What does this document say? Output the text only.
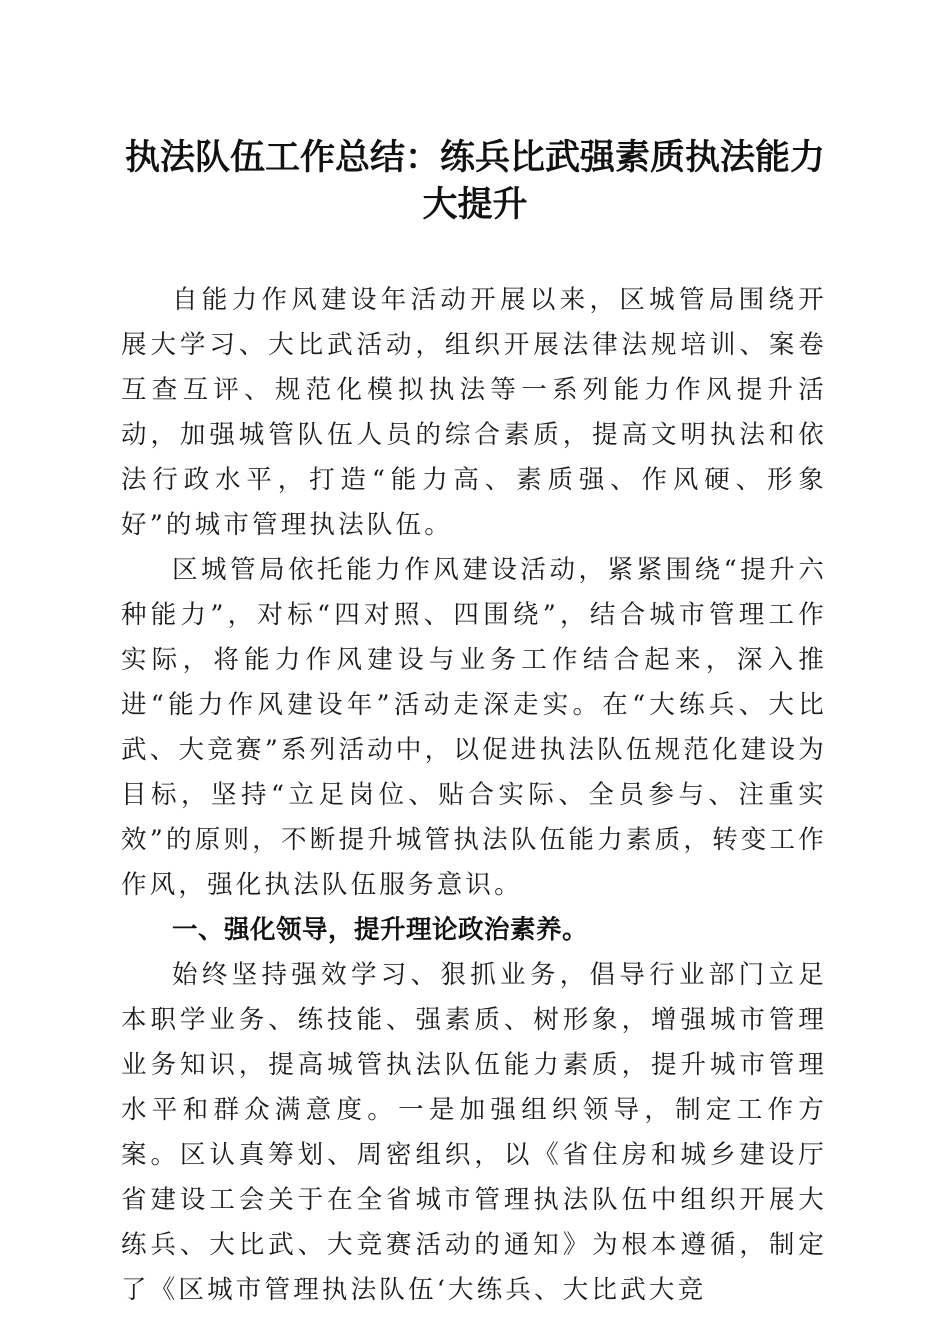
执法队伍工作总结：练兵比武强素质执法能力大提升

自能力作风建设年活动开展以来，区城管局围绕开展大学习、大比武活动，组织开展法律法规培训、案卷互查互评、规范化模拟执法等一系列能力作风提升活动，加强城管队伍人员的综合素质，提高文明执法和依法行政水平，打造“能力高、素质强、作风硬、形象好”的城市管理执法队伍。

区城管局依托能力作风建设活动，紧紧围绕“提升六种能力”，对标“四对照、四围绕”，结合城市管理工作实际，将能力作风建设与业务工作结合起来，深入推进“能力作风建设年”活动走深走实。在“大练兵、大比武、大竞赛”系列活动中，以促进执法队伍规范化建设为目标，坚持“立足岗位、贴合实际、全员参与、注重实效”的原则，不断提升城管执法队伍能力素质，转变工作作风，强化执法队伍服务意识。

一、强化领导，提升理论政治素养。

始终坚持强效学习、狠抓业务，倡导行业部门立足本职学业务、练技能、强素质、树形象，增强城市管理业务知识，提高城管执法队伍能力素质，提升城市管理水平和群众满意度。一是加强组织领导，制定工作方案。区认真筹划、周密组织，以《省住房和城乡建设厅省建设工会关于在全省城市管理执法队伍中组织开展大练兵、大比武、大竞赛活动的通知》为根本遵循，制定了《区城市管理执法队伍‘大练兵、大比武大竞
